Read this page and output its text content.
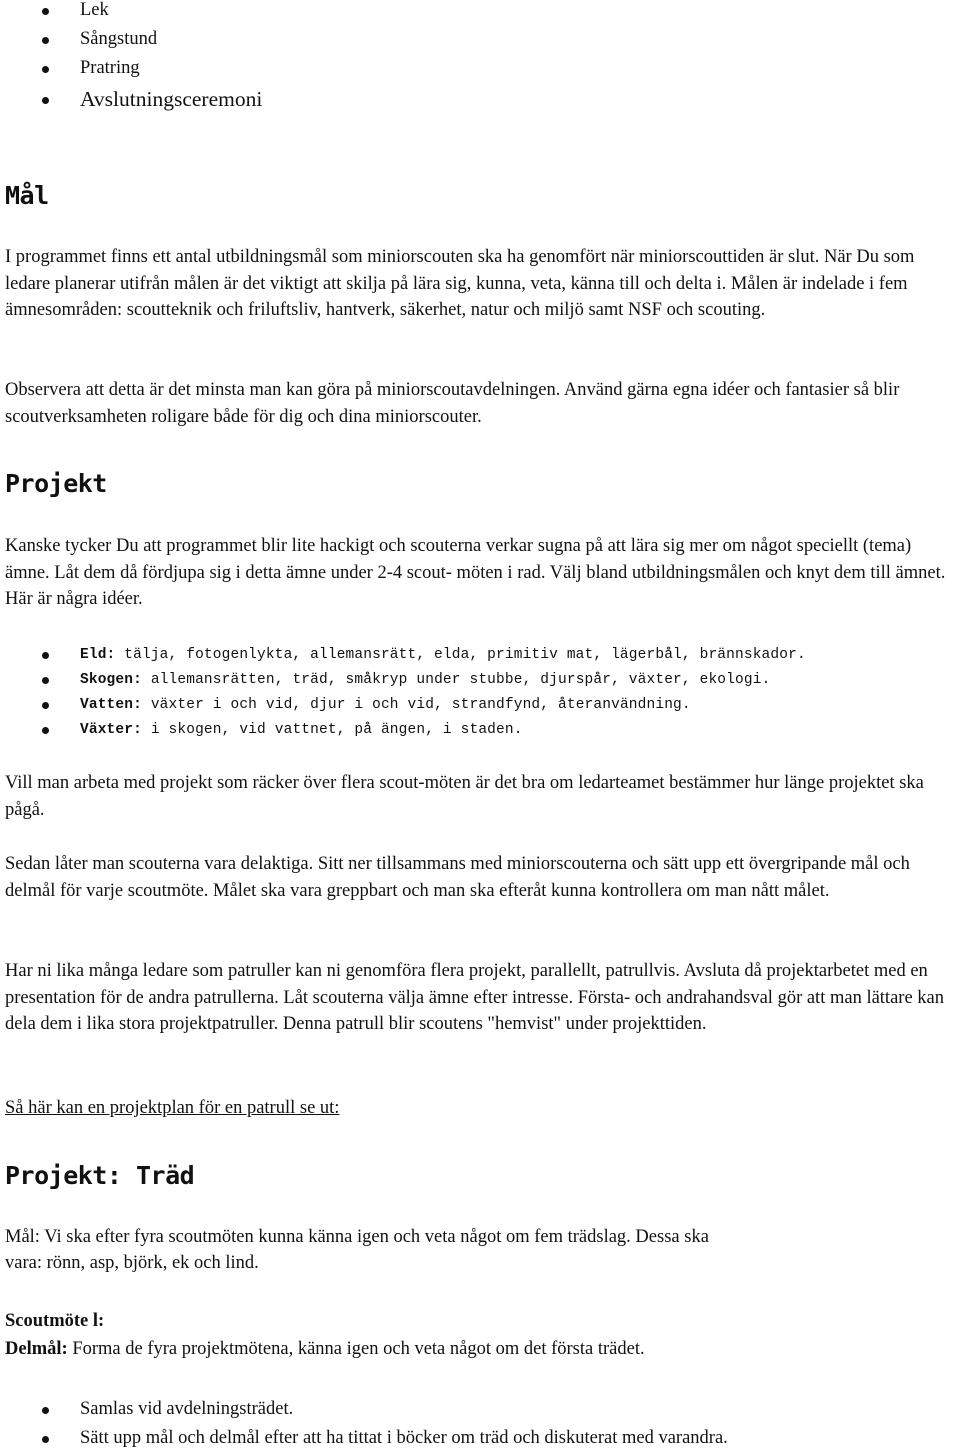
Lek
Sångstund
Pratring
Avslutningsceremoni
Mål

I programmet finns ett antal utbildningsmål som miniorscouten ska ha genomfört när miniorscouttiden är slut. När Du som ledare planerar utifrån målen är det viktigt att skilja på lära sig, kunna, veta, känna till och delta i. Målen är indelade i fem ämnesområden: scoutteknik och friluftsliv, hantverk, säkerhet, natur och miljö samt NSF och scouting.

Observera att detta är det minsta man kan göra på miniorscoutavdelningen. Använd gärna egna idéer och fantasier så blir scoutverksamheten roligare både för dig och dina miniorscouter.

Projekt

Kanske tycker Du att programmet blir lite hackigt och scouterna verkar sugna på att lära sig mer om något speciellt (tema) ämne. Låt dem då fördjupa sig i detta ämne under 2-4 scout- möten i rad. Välj bland utbildningsmålen och knyt dem till ämnet. Här är några idéer.

Eld: tälja, fotogenlykta, allemansrätt, elda, primitiv mat, lägerbål, brännskador.
Skogen: allemansrätten, träd, småkryp under stubbe, djurspår, växter, ekologi.
Vatten: växter i och vid, djur i och vid, strandfynd, återanvändning.
Växter: i skogen, vid vattnet, på ängen, i staden.

Vill man arbeta med projekt som räcker över flera scout-möten är det bra om ledarteamet bestämmer hur länge projektet ska pågå.

Sedan låter man scouterna vara delaktiga. Sitt ner tillsammans med miniorscouterna och sätt upp ett övergripande mål och delmål för varje scoutmöte. Målet ska vara greppbart och man ska efteråt kunna kontrollera om man nått målet.

Har ni lika många ledare som patruller kan ni genomföra flera projekt, parallellt, patrullvis. Avsluta då projektarbetet med en presentation för de andra patrullerna. Låt scouterna välja ämne efter intresse. Första- och andrahandsval gör att man lättare kan dela dem i lika stora projektpatruller. Denna patrull blir scoutens "hemvist" under projekttiden.

Så här kan en projektplan för en patrull se ut:
Projekt: Träd
Mål: Vi ska efter fyra scoutmöten kunna känna igen och veta något om fem trädslag. Dessa ska
vara: rönn, asp, björk, ek och lind.
Scoutmöte l:
Delmål: Forma de fyra projektmötena, känna igen och veta något om det första trädet.
Samlas vid avdelningsträdet.
Sätt upp mål och delmål efter att ha tittat i böcker om träd och diskuterat med varandra.
